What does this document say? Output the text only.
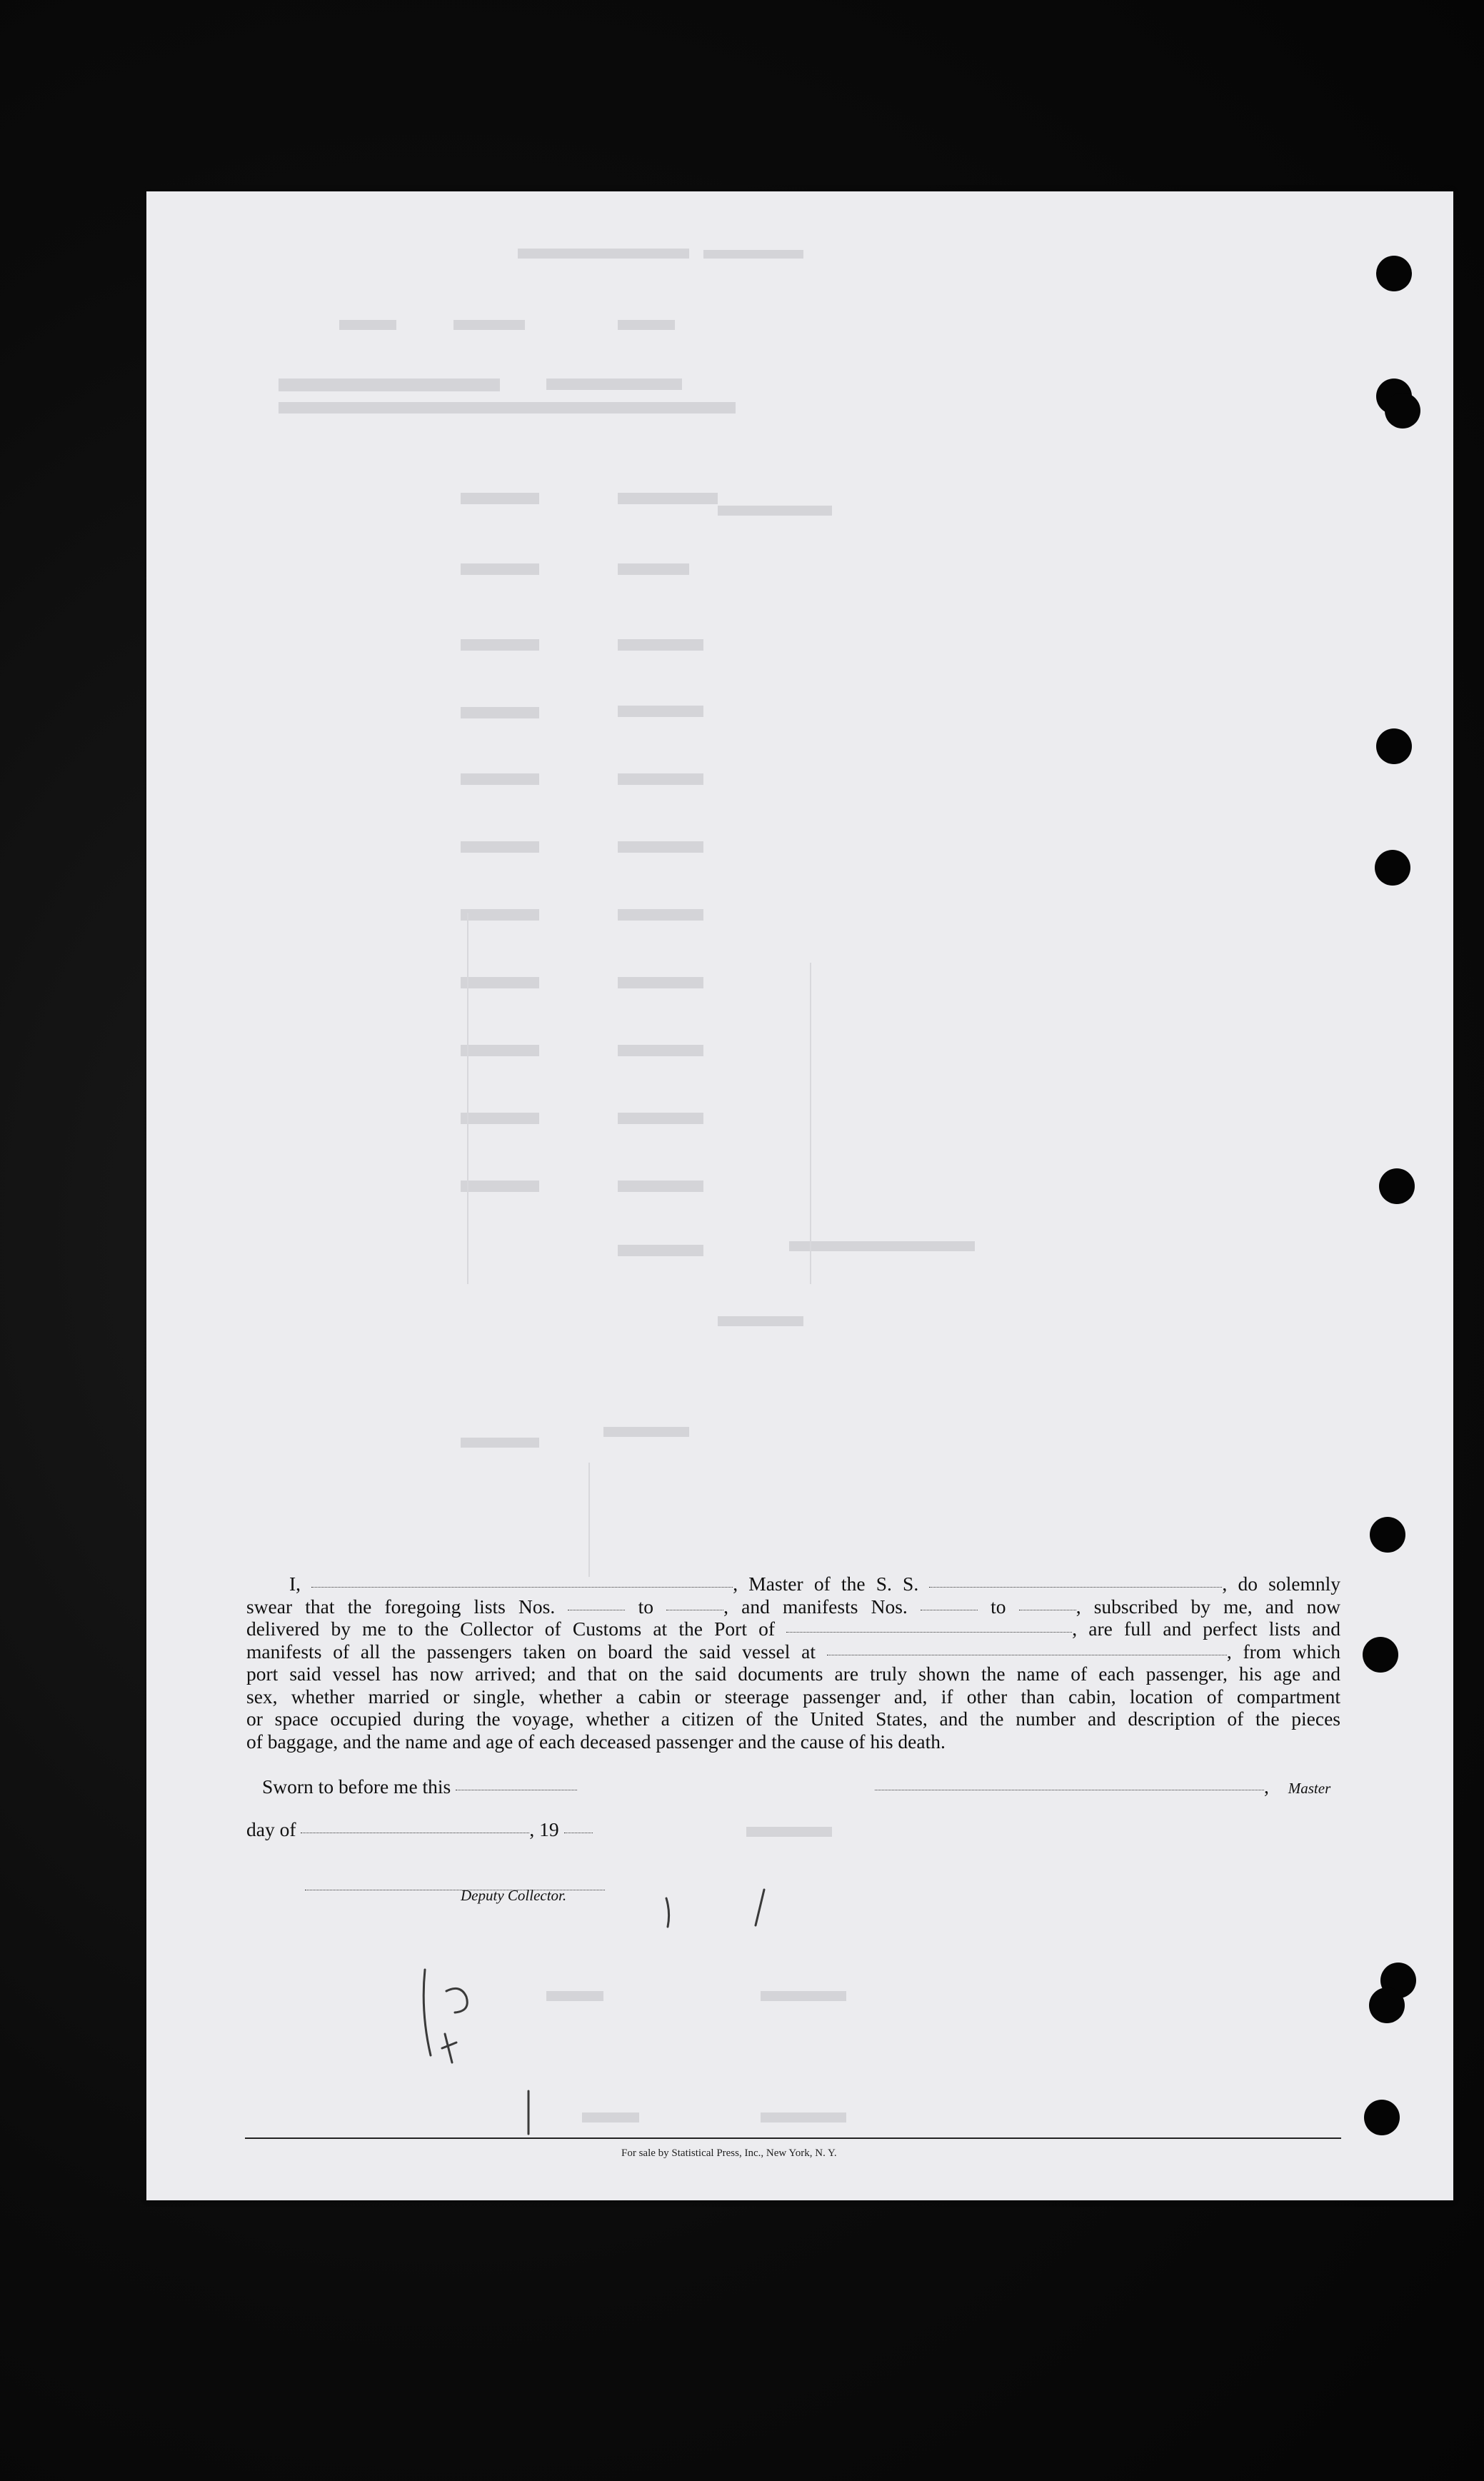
I,	, Master of the S. S.	, do solemnly

swear that the foregoing lists Nos.	to	, and manifests Nos.	to	, subscribed by me, and now

delivered by me to the Collector of Customs at the Port of	, are full and perfect lists and

manifests of all the passengers taken on board the said vessel at	, from which

port said vessel has now arrived; and that on the said documents are truly shown the name of each passenger, his age and

sex, whether married or single, whether a cabin or steerage passenger and, if other than cabin, location of compartment

or space occupied during the voyage, whether a citizen of the United States, and the number and description of the pieces

of baggage, and the name and age of each deceased passenger and the cause of his death.

Sworn to before me this	, Master
day of	, 19
Deputy Collector.
For sale by Statistical Press, Inc., New York, N. Y.
